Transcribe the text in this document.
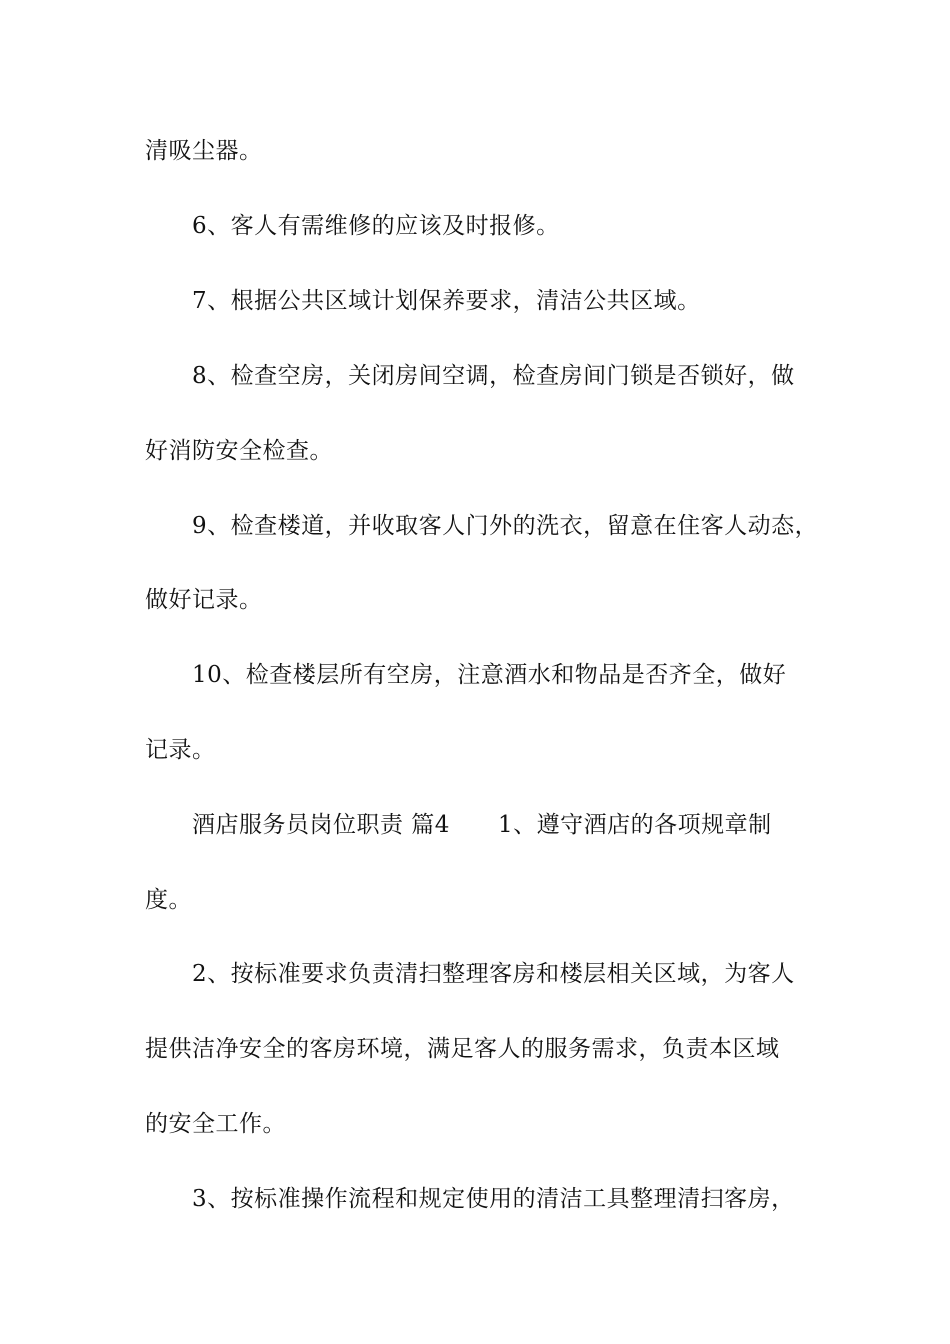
清吸尘器。
6、客人有需维修的应该及时报修。
7、根据公共区域计划保养要求，清洁公共区域。
8、检查空房，关闭房间空调，检查房间门锁是否锁好，做
好消防安全检查。
9、检查楼道，并收取客人门外的洗衣，留意在住客人动态，
做好记录。
10、检查楼层所有空房，注意酒水和物品是否齐全，做好
记录。
酒店服务员岗位职责 篇4 1、遵守酒店的各项规章制
度。
2、按标准要求负责清扫整理客房和楼层相关区域，为客人
提供洁净安全的客房环境，满足客人的服务需求，负责本区域
的安全工作。
3、按标准操作流程和规定使用的清洁工具整理清扫客房，
